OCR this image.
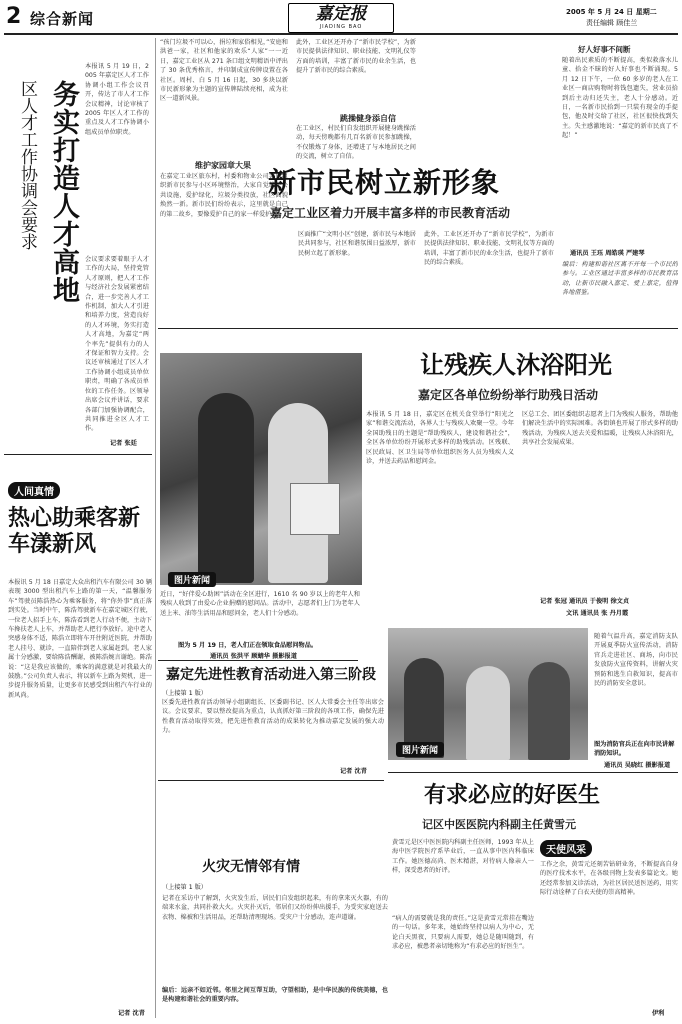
2 综合新闻	嘉定报
JIADING BAO
2005 年 5 月 24 日 星期二
责任编辑 顾佳兰
务实打造人才高地
区人才工作协调会要求
本报讯 5 月 19 日，2005 年嘉定区人才工作协调小组工作会议召开，传达了市人才工作会议精神，讨论审核了 2005 年区人才工作的重点及人才工作协调小组成员单位职责。
会议要求要着眼于人才工作的大局，坚持党管人才原则，把人才工作与经济社会发展紧密结合，进一步完善人才工作机制，加大人才引进和培养力度，营造良好的人才环境，务实打造人才高地，为嘉定“两个率先”提供有力的人才保证和智力支持。会议还审核通过了区人才工作协调小组成员单位职责，明确了各成员单位的工作任务。区领导出席会议并讲话，要求各部门加强协调配合，共同推进全区人才工作。
记者 张廷
人间真情
热心助乘客新车漾新风
本报讯 5 月 18 日嘉定大众出租汽车有限公司 30 辆表现 3000 型出租汽车上路的第一天，“温馨服务车”驾驶员陈浩热心为乘客服务，将“你外事”真正落到实处。当时中午，陈浩驾驶新车在嘉定城区行驶，一位老人招手上车，陈浩看到老人行动不便，主动下车搀扶老人上车，并帮助老人把行李放好。途中老人突感身体不适，陈浩立即将车开往附近医院，并帮助老人挂号、就诊，一直陪伴到老人家属赶到。老人家属十分感激，要给陈浩酬谢，被陈浩婉言谢绝。陈浩说：“这是我应该做的，乘客的满意就是对我最大的鼓励。”公司负责人表示，将以新车上路为契机，进一步提升服务质量，让更多市民感受到出租汽车行业的新风尚。
记者 沈青
“孩门垃圾不可以心，捐垃和家俗相见，”安庭和洪爸一家，社区和他家的欢乐“人家”一一近日，嘉定工业区从 271 条口组文明精语中评出了 30 条优秀格言，并印制成宣传牌设置在各社区。周村、白 5 月 16 日起，30 多块以新市民新形象为主题的宣传牌陆续亮相，成为社区一道新风景。
维护家园章大果
在嘉定工业区旅东村，村委和物业公司共同组织新市民参与小区环境整治，大家自觉维护公共设施，爱护绿化，垃圾分类投放，社区面貌焕然一新。新市民们纷纷表示，这里就是自己的第二故乡，要像爱护自己的家一样爱护它。
此外，工业区还开办了“新市民学校”，为新市民提供法律知识、职业技能、文明礼仪等方面的培训，丰富了新市民的业余生活，也提升了新市民的综合素质。
跳操健身添自信
在工业区，村民们自发组织开展健身跳操活动，每天傍晚都有几百名新市民参加跳操，不仅锻炼了身体，还增进了与本地居民之间的交流，树立了自信。
新市民树立新形象
嘉定工业区着力开展丰富多样的市民教育活动
区面推广“文明小区”创建，新市民与本地居民共同参与，社区和谐氛围日益浓厚，新市民树立起了新形象。
此外，工业区还开办了“新市民学校”，为新市民提供法律知识、职业技能、文明礼仪等方面的培训，丰富了新市民的业余生活，也提升了新市民的综合素质。
好人好事不间断
随着出民素质的不断提高，类似救落水儿童、拾金不昧的好人好事也不断涌现。5 月 12 日下午，一位 60 多岁的老人在工业区一商店购物时将钱包遗失，营业员拾到后主动归还失主，老人十分感动。近日，一名新市民拾到一只装有现金的手提包，他及时交给了社区，社区很快找到失主。失主感激地说：“嘉定的新市民真了不起！”
通讯员 王珏 周皓瑛 严建琴
编后：构建和谐社区离不开每一个市民的参与。工业区通过丰富多样的市民教育活动，让新市民融入嘉定、爱上嘉定，值得各地借鉴。
图片新闻
近日，“好伴爱心助困”活动在全区进行，1610 名 90 岁以上的老年人和残疾人收到了由爱心企业捐赠的慰问品。活动中，志愿者们上门为老年人送上米、油等生活用品和慰问金，老人们十分感动。
图为 5 月 19 日，老人们正在领取食品慰问物品。
通讯员 张洪平 顾蜻华 摄影报道
让残疾人沐浴阳光
嘉定区各单位纷纷举行助残日活动
本报讯 5 月 18 日，嘉定区在机关食堂举行“阳光之家”和谐交流活动，各界人士与残疾人欢聚一堂。今年全国助残日的主题是“帮助残疾人，建设和谐社会”，全区各单位纷纷开展形式多样的助残活动。区残联、区民政局、区卫生局等单位组织医务人员为残疾人义诊，并送去药品和慰问金。
区总工会、团区委组织志愿者上门为残疾人服务，帮助他们解决生活中的实际困难。各街镇也开展了形式多样的助残活动，为残疾人送去关爱和温暖，让残疾人沐浴阳光，共享社会发展成果。
记者 张冠 通讯员 于俊明 徐文贞
文讯 通讯员 张 丹月霞
嘉定先进性教育活动进入第三阶段
（上接第 1 版）
区委先进性教育活动领导小组副组长、区委副书记、区人大常委会主任等出席会议。会议要求，要以整改提高为重点，认真抓好第三阶段的各项工作，确保先进性教育活动取得实效，把先进性教育活动的成果转化为推动嘉定发展的强大动力。
记者 沈青
火灾无情邻有情
（上接第 1 版）
记者在采访中了解到，火灾发生后，居民们自发组织起来，有的拿来灭火器，有的端来水盆，共同扑救大火。火灾扑灭后，邻居们又纷纷伸出援手，为受灾家庭送去衣物、棉被和生活用品，还帮助清理现场。受灾户十分感动，连声道谢。
编后：远亲不如近邻。邻里之间互帮互助，守望相助，是中华民族的传统美德，也是构建和谐社会的重要内容。
图片新闻
随着气温升高，嘉定消防支队开展夏季防火宣传活动，消防官兵走进社区、商场，向市民发放防火宣传资料，讲解火灾预防和逃生自救知识，提高市民的消防安全意识。
图为消防官兵正在向市民讲解消防知识。
通讯员 吴晓红 摄影报道
有求必应的好医生
记区中医医院内科副主任黄雪元
黄雪元是区中医医院内科副主任医师，1993 年从上海中医学院医疗系毕业后，一直从事中医内科临床工作。她医德高尚、医术精湛，对待病人像亲人一样，深受患者的好评。
“病人的需要就是我的责任。”这是黄雪元常挂在嘴边的一句话。多年来，她始终坚持以病人为中心，无论白天黑夜，只要病人需要，她总是随叫随到，有求必应，被患者亲切地称为“有求必应的好医生”。
天使风采
工作之余，黄雪元还刻苦钻研业务，不断提高自身的医疗技术水平，在各级刊物上发表多篇论文。她还经常参加义诊活动，为社区居民送医送药，用实际行动诠释了白衣天使的崇高精神。
伊利
